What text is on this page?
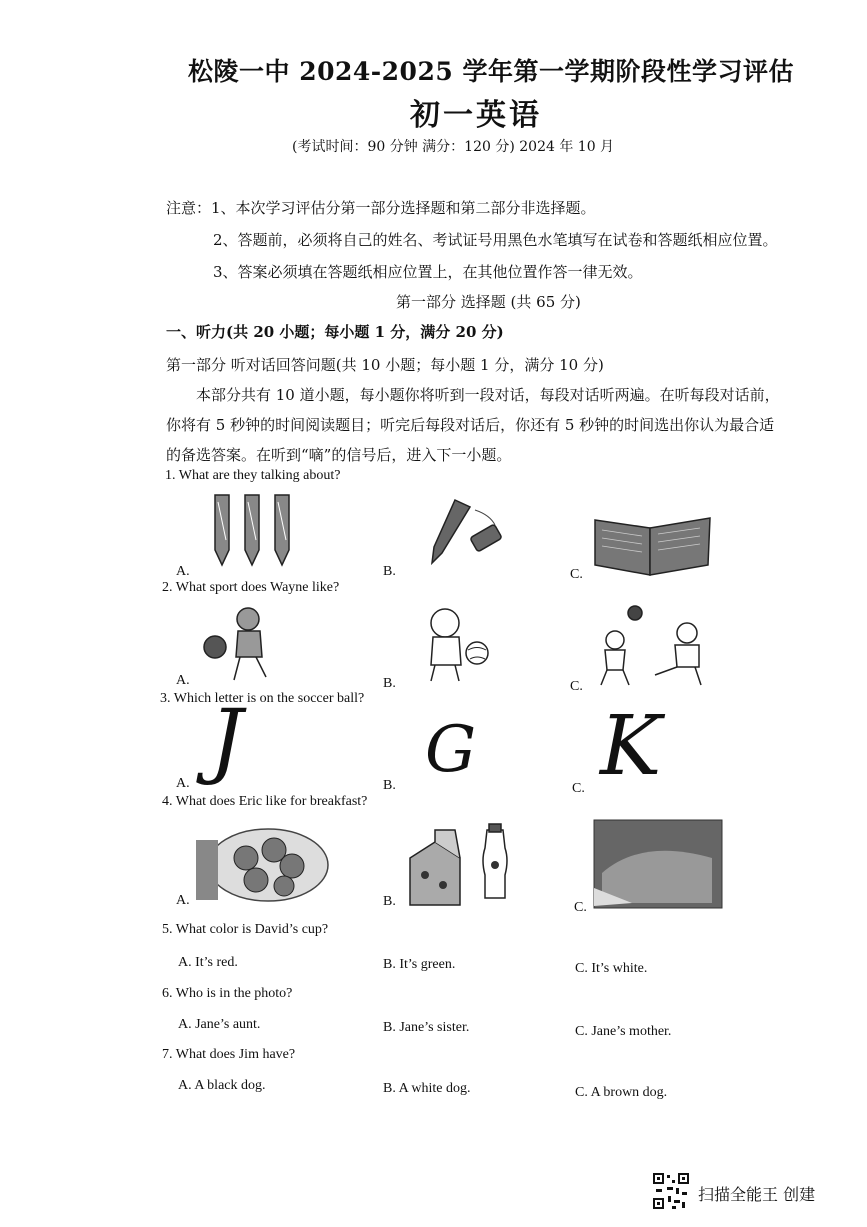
松陵一中 2024-2025 学年第一学期阶段性学习评估
初一英语
(考试时间：90 分钟 满分：120 分) 2024 年 10 月
注意：1、本次学习评估分第一部分选择题和第二部分非选择题。
2、答题前，必须将自己的姓名、考试证号用黑色水笔填写在试卷和答题纸相应位置。
3、答案必须填在答题纸相应位置上，在其他位置作答一律无效。
第一部分 选择题 (共 65 分)
一、听力(共 20 小题；每小题 1 分，满分 20 分)
第一部分 听对话回答问题(共 10 小题；每小题 1 分，满分 10 分)
本部分共有 10 道小题，每小题你将听到一段对话，每段对话听两遍。在听每段对话前，
你将有 5 秒钟的时间阅读题目；听完后每段对话后，你还有 5 秒钟的时间选出你认为最合适
的备选答案。在听到“嘀”的信号后，进入下一小题。
1. What are they talking about?
A.	B.	C.
2. What sport does Wayne like?
A.	B.	C.
3. Which letter is on the soccer ball?
A.	B.	C.
J	G K
4. What does Eric like for breakfast?
A.	B.	C.
5. What color is David’s cup?
A. It’s red.	B. It’s green.	C. It’s white.
6. Who is in the photo?
A. Jane’s aunt.	B. Jane’s sister.	C. Jane’s mother.
7. What does Jim have?
A. A black dog.	B. A white dog.	C. A brown dog.
扫描全能王 创建
